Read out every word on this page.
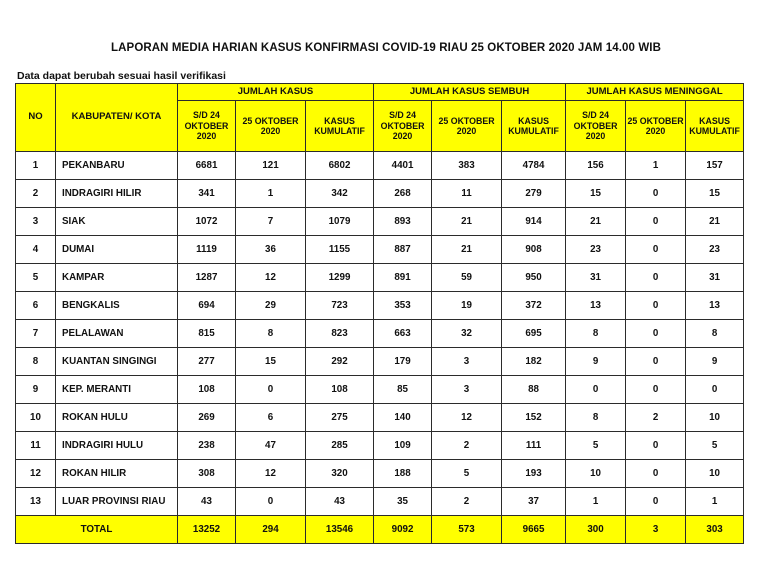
LAPORAN MEDIA HARIAN KASUS KONFIRMASI COVID-19 RIAU 25 OKTOBER 2020 JAM 14.00 WIB
Data dapat berubah sesuai hasil verifikasi
NO	KABUPATEN/ KOTA	JUMLAH KASUS			JUMLAH KASUS SEMBUH			JUMLAH KASUS MENINGGAL		
		S/D 24 OKTOBER 2020	25 OKTOBER 2020	KASUS KUMULATIF	S/D 24 OKTOBER 2020	25 OKTOBER 2020	KASUS KUMULATIF	S/D 24 OKTOBER 2020	25 OKTOBER 2020	KASUS KUMULATIF
1	PEKANBARU	6681	121	6802	4401	383	4784	156	1	157
2	INDRAGIRI HILIR	341	1	342	268	11	279	15	0	15
3	SIAK	1072	7	1079	893	21	914	21	0	21
4	DUMAI	1119	36	1155	887	21	908	23	0	23
5	KAMPAR	1287	12	1299	891	59	950	31	0	31
6	BENGKALIS	694	29	723	353	19	372	13	0	13
7	PELALAWAN	815	8	823	663	32	695	8	0	8
8	KUANTAN SINGINGI	277	15	292	179	3	182	9	0	9
9	KEP. MERANTI	108	0	108	85	3	88	0	0	0
10	ROKAN HULU	269	6	275	140	12	152	8	2	10
11	INDRAGIRI HULU	238	47	285	109	2	111	5	0	5
12	ROKAN HILIR	308	12	320	188	5	193	10	0	10
13	LUAR PROVINSI RIAU	43	0	43	35	2	37	1	0	1
TOTAL		13252	294	13546	9092	573	9665	300	3	303
